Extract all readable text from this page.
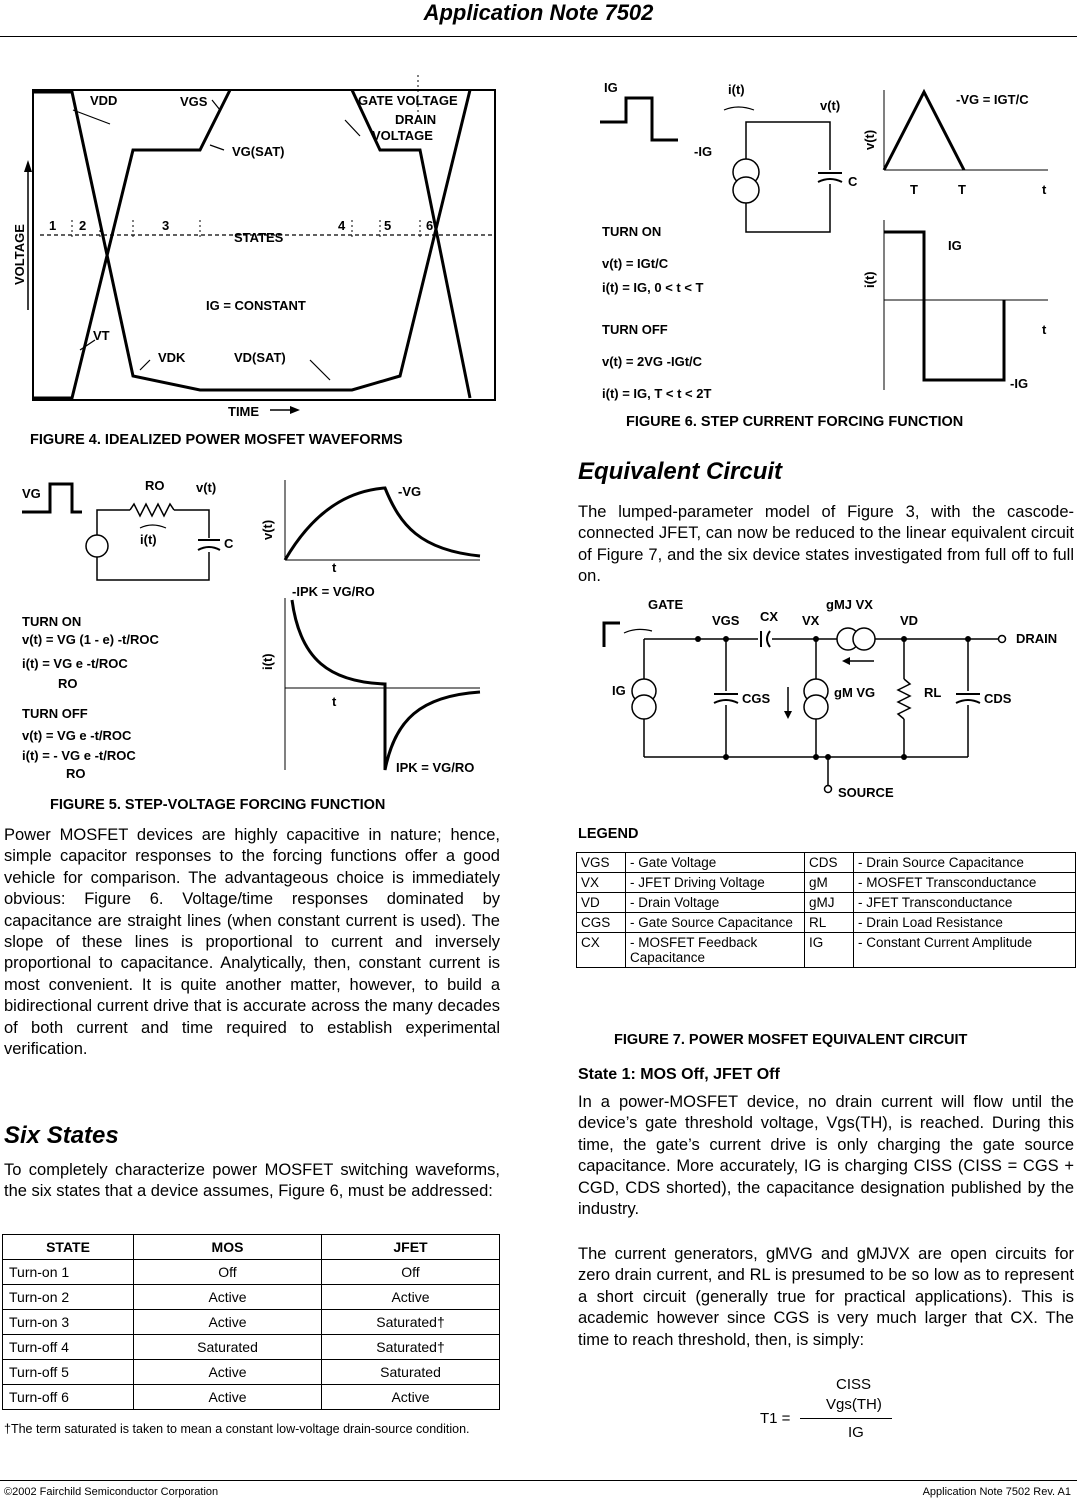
Application Note 7502
VDD	VGS	GATE VOLTAGE
DRAIN
VOLTAGE
VG(SAT)
1 2	3
STATES
4	5	6
IG = CONSTANT
VT
VDK	VD(SAT)
TIME
VOLTAGE
FIGURE 4. IDEALIZED POWER MOSFET WAVEFORMS
VG
RO v(t)
i(t)	C
v(t)
-VG
t
i(t)
-IPK = VG/RO
t
IPK = VG/RO
TURN ON
v(t) = VG (1 - e) -t/ROC
i(t) = VG e -t/ROC
RO
TURN OFF
v(t) = VG e -t/ROC
i(t) = - VG e -t/ROC
RO
FIGURE 5. STEP-VOLTAGE FORCING FUNCTION
Power MOSFET devices are highly capacitive in nature; hence, simple capacitor responses to the forcing functions offer a good vehicle for comparison. The advantageous choice is immediately obvious: Figure 6. Voltage/time responses dominated by capacitance are straight lines (when constant current is used). The slope of these lines is proportional to current and inversely proportional to capacitance. Analytically, then, constant current is most convenient. It is quite another matter, however, to build a bidirectional current drive that is accurate across the many decades of both current and time required to establish experimental verification.
Six States
To completely characterize power MOSFET switching waveforms, the six states that a device assumes, Figure 6, must be addressed:
STATE	MOS	JFET
Turn-on 1	Off	Off
Turn-on 2	Active	Active
Turn-on 3	Active	Saturated†
Turn-off 4	Saturated	Saturated†
Turn-off 5	Active	Saturated
Turn-off 6	Active	Active
†The term saturated is taken to mean a constant low-voltage drain-source condition.
IG
-IG
i(t)
v(t)
C
v(t)
-VG = IGT/C
T	T	t
i(t)
IG
t
-IG
TURN ON
v(t) = IGt/C
i(t) = IG, 0 < t < T
TURN OFF
v(t) = 2VG -IGt/C
i(t) = IG, T < t < 2T
FIGURE 6. STEP CURRENT FORCING FUNCTION
Equivalent Circuit
The lumped-parameter model of Figure 3, with the cascode-connected JFET, can now be reduced to the linear equivalent circuit of Figure 7, and the six device states investigated from full off to full on.
GATE
VGS CX
gMJ VX
VX	VD
DRAIN
IG
CGS	gM VG	RL	CDS
SOURCE
LEGEND
VGS	- Gate Voltage	CDS	- Drain Source Capacitance
VX	- JFET Driving Voltage	gM	- MOSFET Transconductance
VD	- Drain Voltage	gMJ	- JFET Transconductance
CGS	- Gate Source Capacitance	RL	- Drain Load Resistance
CX	- MOSFET Feedback Capacitance	IG	- Constant Current Amplitude
FIGURE 7. POWER MOSFET EQUIVALENT CIRCUIT
State 1: MOS Off, JFET Off
In a power-MOSFET device, no drain current will flow until the device’s gate threshold voltage, Vgs(TH), is reached. During this time, the gate’s current drive is only charging the gate source capacitance. More accurately, IG is charging CISS (CISS = CGS + CGD, CDS shorted), the capacitance designation published by the industry.
The current generators, gMVG and gMJVX are open circuits for zero drain current, and RL is presumed to be so low as to represent a short circuit (generally true for practical applications). This is academic however since CGS is very much larger that CX. The time to reach threshold, then, is simply:
T1 =
CISS
Vgs(TH)
IG
©2002 Fairchild Semiconductor Corporation	Application Note 7502 Rev. A1
